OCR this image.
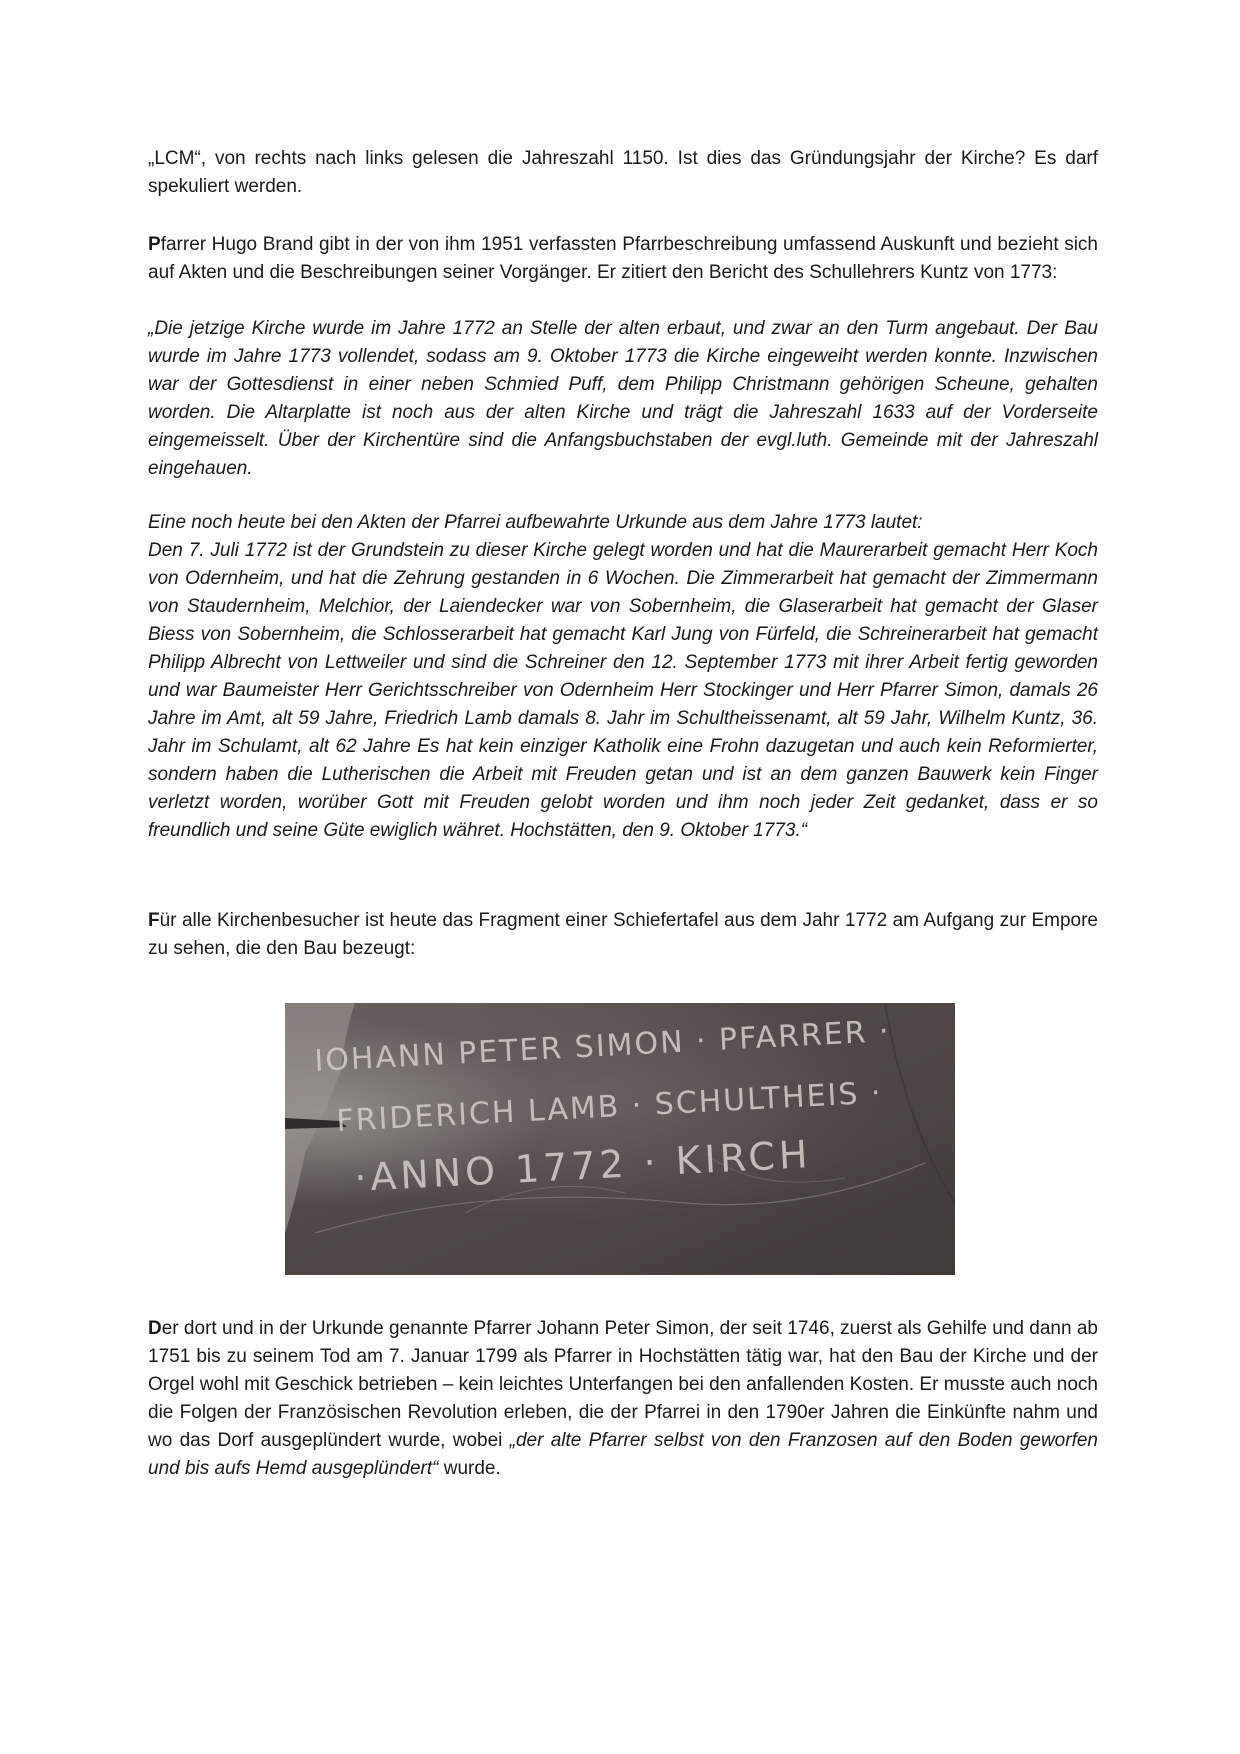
„LCM“, von rechts nach links gelesen die Jahreszahl 1150. Ist dies das Gründungsjahr der Kirche? Es darf spekuliert werden.

Pfarrer Hugo Brand gibt in der von ihm 1951 verfassten Pfarrbeschreibung umfassend Auskunft und bezieht sich auf Akten und die Beschreibungen seiner Vorgänger. Er zitiert den Bericht des Schullehrers Kuntz von 1773:

„Die jetzige Kirche wurde im Jahre 1772 an Stelle der alten erbaut, und zwar an den Turm angebaut. Der Bau wurde im Jahre 1773 vollendet, sodass am 9. Oktober 1773 die Kirche eingeweiht werden konnte. Inzwischen war der Gottesdienst in einer neben Schmied Puff, dem Philipp Christmann gehörigen Scheune, gehalten worden. Die Altarplatte ist noch aus der alten Kirche und trägt die Jahreszahl 1633 auf der Vorderseite eingemeisselt. Über der Kirchentüre sind die Anfangsbuchstaben der evgl.luth. Gemeinde mit der Jahreszahl eingehauen.

Eine noch heute bei den Akten der Pfarrei aufbewahrte Urkunde aus dem Jahre 1773 lautet:

Den 7. Juli 1772 ist der Grundstein zu dieser Kirche gelegt worden und hat die Maurerarbeit gemacht Herr Koch von Odernheim, und hat die Zehrung gestanden in 6 Wochen. Die Zimmerarbeit hat gemacht der Zimmermann von Staudernheim, Melchior, der Laiendecker war von Sobernheim, die Glaserarbeit hat gemacht der Glaser Biess von Sobernheim, die Schlosserarbeit hat gemacht Karl Jung von Fürfeld, die Schreinerarbeit hat gemacht Philipp Albrecht von Lettweiler und sind die Schreiner den 12. September 1773 mit ihrer Arbeit fertig geworden und war Baumeister Herr Gerichtsschreiber von Odernheim Herr Stockinger und Herr Pfarrer Simon, damals 26 Jahre im Amt, alt 59 Jahre, Friedrich Lamb damals 8. Jahr im Schultheissenamt, alt 59 Jahr, Wilhelm Kuntz, 36. Jahr im Schulamt, alt 62 Jahre Es hat kein einziger Katholik eine Frohn dazugetan und auch kein Reformierter, sondern haben die Lutherischen die Arbeit mit Freuden getan und ist an dem ganzen Bauwerk kein Finger verletzt worden, worüber Gott mit Freuden gelobt worden und ihm noch jeder Zeit gedanket, dass er so freundlich und seine Güte ewiglich währet. Hochstätten, den 9. Oktober 1773.“

Für alle Kirchenbesucher ist heute das Fragment einer Schiefertafel aus dem Jahr 1772 am Aufgang zur Empore zu sehen, die den Bau bezeugt:

IOHANN PETER SIMON · PFARRER ·
FRIDERICH LAMB · SCHULTHEIS ·
·ANNO 1772 · KIRCH

Der dort und in der Urkunde genannte Pfarrer Johann Peter Simon, der seit 1746, zuerst als Gehilfe und dann ab 1751 bis zu seinem Tod am 7. Januar 1799 als Pfarrer in Hochstätten tätig war, hat den Bau der Kirche und der Orgel wohl mit Geschick betrieben – kein leichtes Unterfangen bei den anfallenden Kosten. Er musste auch noch die Folgen der Französischen Revolution erleben, die der Pfarrei in den 1790er Jahren die Einkünfte nahm und wo das Dorf ausgeplündert wurde, wobei „der alte Pfarrer selbst von den Franzosen auf den Boden geworfen und bis aufs Hemd ausgeplündert“ wurde.
